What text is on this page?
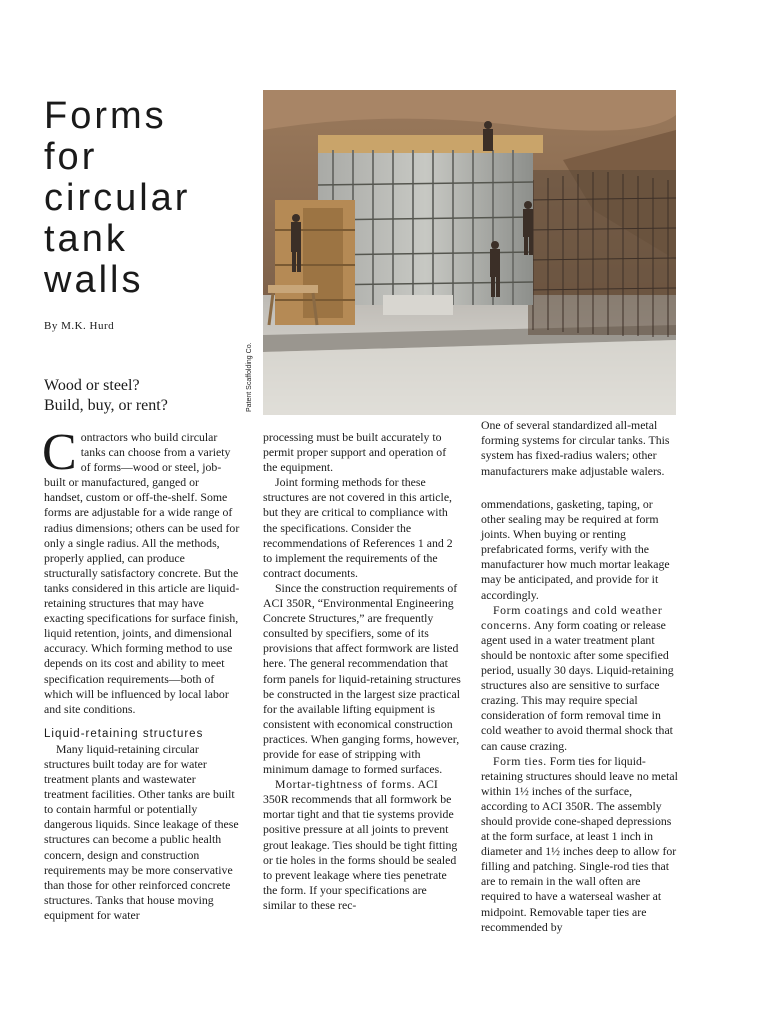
Forms
for
circular
tank
walls
By M.K. Hurd
Wood or steel?
Build, buy, or rent?	Patent Scaffolding Co.
One of several standardized all-metal forming systems for circular tanks. This system has fixed-radius walers; other manufacturers make adjustable walers.

Contractors who build circular tanks can choose from a variety of forms—wood or steel, job-built or manufactured, ganged or handset, custom or off-the-shelf. Some forms are adjustable for a wide range of radius dimensions; others can be used for only a single radius. All the methods, properly applied, can produce structurally satisfactory concrete. But the tanks considered in this article are liquid-retaining structures that may have exacting specifications for surface finish, liquid retention, joints, and dimensional accuracy. Which forming method to use depends on its cost and ability to meet specification requirements—both of which will be influenced by local labor and site conditions.

Liquid-retaining structures

Many liquid-retaining circular structures built today are for water treatment plants and wastewater treatment facilities. Other tanks are built to contain harmful or potentially dangerous liquids. Since leakage of these structures can become a public health concern, design and construction requirements may be more conservative than those for other reinforced concrete structures. Tanks that house moving equipment for water

processing must be built accurately to permit proper support and operation of the equipment.

Joint forming methods for these structures are not covered in this article, but they are critical to compliance with the specifications. Consider the recommendations of References 1 and 2 to implement the requirements of the contract documents.

Since the construction requirements of ACI 350R, “Environmental Engineering Concrete Structures,” are frequently consulted by specifiers, some of its provisions that affect formwork are listed here. The general recommendation that form panels for liquid-retaining structures be constructed in the largest size practical for the available lifting equipment is consistent with economical construction practices. When ganging forms, however, provide for ease of stripping with minimum damage to formed surfaces.

Mortar-tightness of forms. ACI 350R recommends that all formwork be mortar tight and that tie systems provide positive pressure at all joints to prevent grout leakage. Ties should be tight fitting or tie holes in the forms should be sealed to prevent leakage where ties penetrate the form. If your specifications are similar to these rec-

ommendations, gasketing, taping, or other sealing may be required at form joints. When buying or renting prefabricated forms, verify with the manufacturer how much mortar leakage may be anticipated, and provide for it accordingly.

Form coatings and cold weather concerns. Any form coating or release agent used in a water treatment plant should be nontoxic after some specified period, usually 30 days. Liquid-retaining structures also are sensitive to surface crazing. This may require special consideration of form removal time in cold weather to avoid thermal shock that can cause crazing.

Form ties. Form ties for liquid-retaining structures should leave no metal within 1½ inches of the surface, according to ACI 350R. The assembly should provide cone-shaped depressions at the form surface, at least 1 inch in diameter and 1½ inches deep to allow for filling and patching. Single-rod ties that are to remain in the wall often are required to have a waterseal washer at midpoint. Removable taper ties are recommended by
